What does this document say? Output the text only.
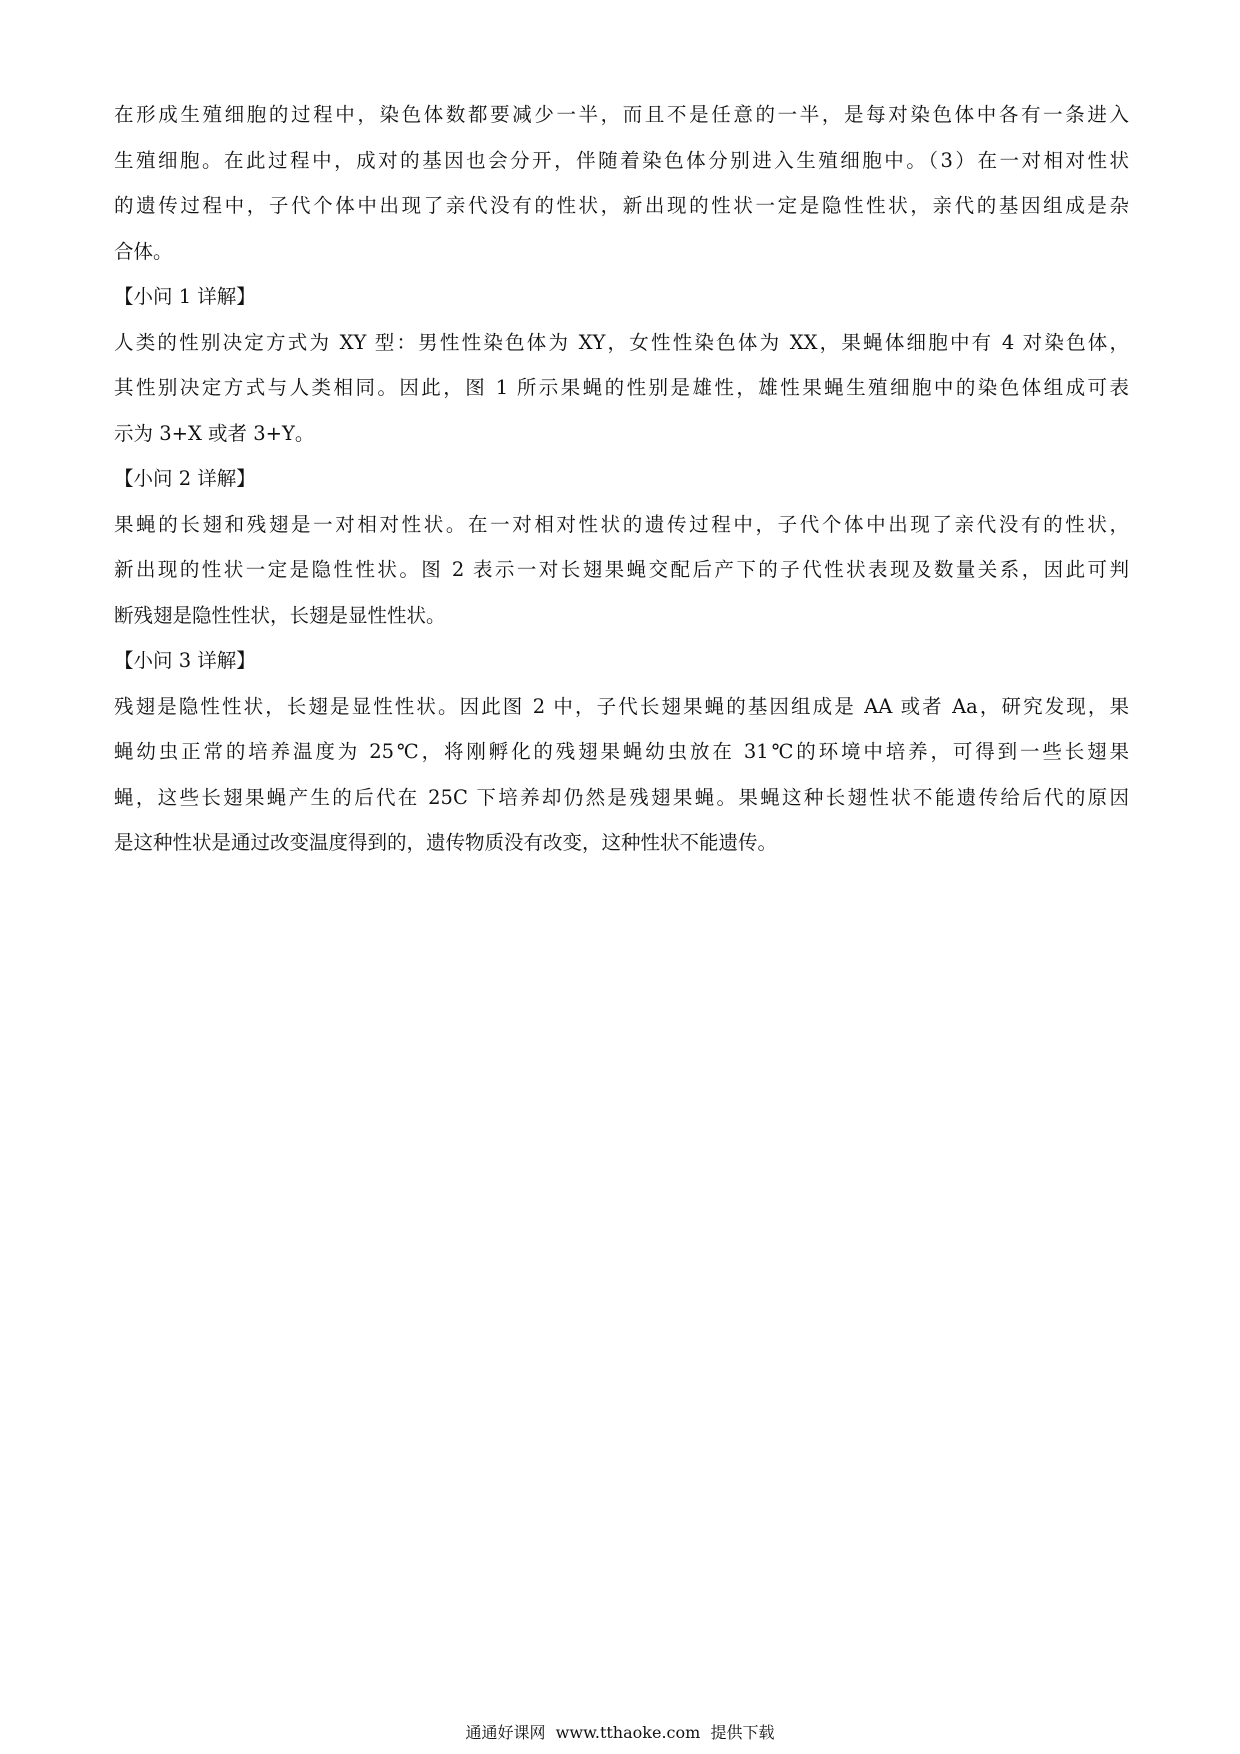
在形成生殖细胞的过程中，染色体数都要减少一半，而且不是任意的一半，是每对染色体中各有一条进入
生殖细胞。在此过程中，成对的基因也会分开，伴随着染色体分别进入生殖细胞中。（3）在一对相对性状
的遗传过程中，子代个体中出现了亲代没有的性状，新出现的性状一定是隐性性状，亲代的基因组成是杂
合体。
【小问 1 详解】
人类的性别决定方式为 XY 型：男性性染色体为 XY，女性性染色体为 XX，果蝇体细胞中有 4 对染色体，
其性别决定方式与人类相同。因此，图 1 所示果蝇的性别是雄性，雄性果蝇生殖细胞中的染色体组成可表
示为 3+X 或者 3+Y。
【小问 2 详解】
果蝇的长翅和残翅是一对相对性状。在一对相对性状的遗传过程中，子代个体中出现了亲代没有的性状，
新出现的性状一定是隐性性状。图 2 表示一对长翅果蝇交配后产下的子代性状表现及数量关系，因此可判
断残翅是隐性性状，长翅是显性性状。
【小问 3 详解】
残翅是隐性性状，长翅是显性性状。因此图 2 中，子代长翅果蝇的基因组成是 AA 或者 Aa，研究发现，果
蝇幼虫正常的培养温度为 25℃，将刚孵化的残翅果蝇幼虫放在 31℃的环境中培养，可得到一些长翅果
蝇，这些长翅果蝇产生的后代在 25C 下培养却仍然是残翅果蝇。果蝇这种长翅性状不能遗传给后代的原因
是这种性状是通过改变温度得到的，遗传物质没有改变，这种性状不能遗传。
通通好课网  www.tthaoke.com  提供下载
